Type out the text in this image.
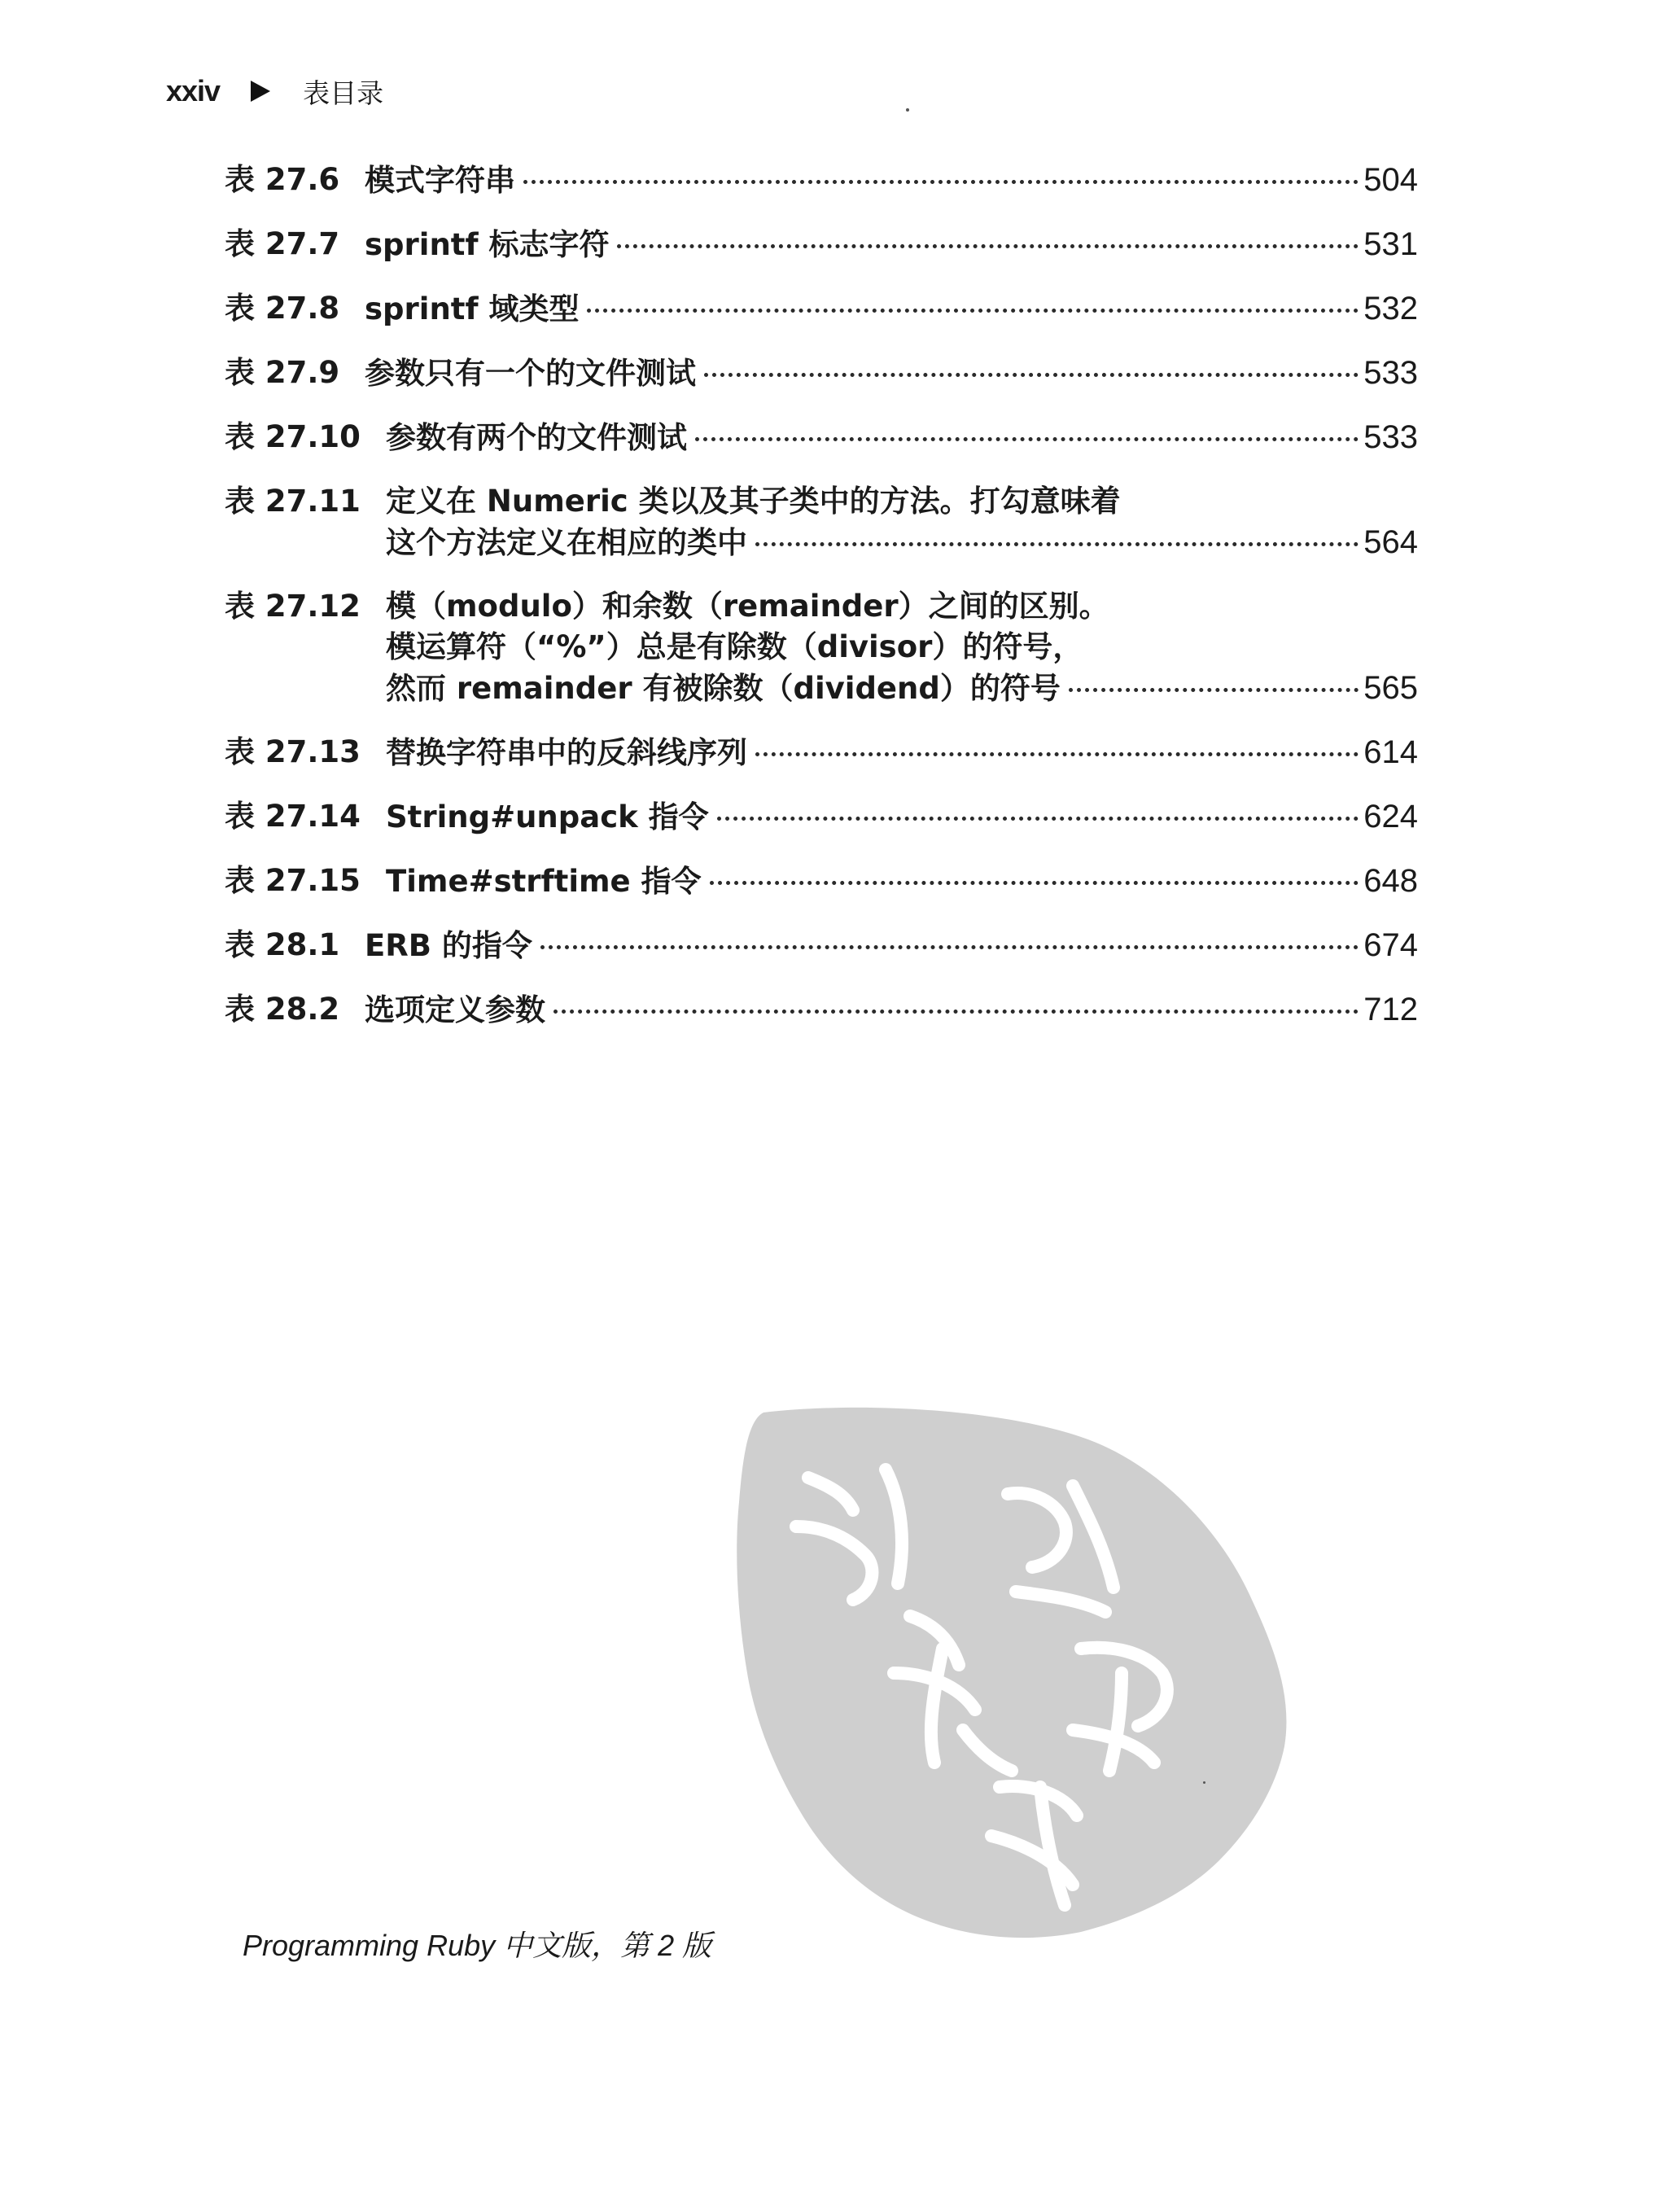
xxiv	表目录
表 27.6 模式字符串	504
表 27.7 sprintf 标志字符	531
表 27.8 sprintf 域类型	532
表 27.9 参数只有一个的文件测试	533
表 27.10 参数有两个的文件测试	533
表 27.11 定义在 Numeric 类以及其子类中的方法。打勾意味着
这个方法定义在相应的类中	564
表 27.12 模（modulo）和余数（remainder）之间的区别。
模运算符（“%”）总是有除数（divisor）的符号，
然而 remainder 有被除数（dividend）的符号	565
表 27.13 替换字符串中的反斜线序列	614
表 27.14 String#unpack 指令	624
表 27.15 Time#strftime 指令	648
表 28.1 ERB 的指令	674
表 28.2 选项定义参数	712
Programming Ruby 中文版，第 2 版
